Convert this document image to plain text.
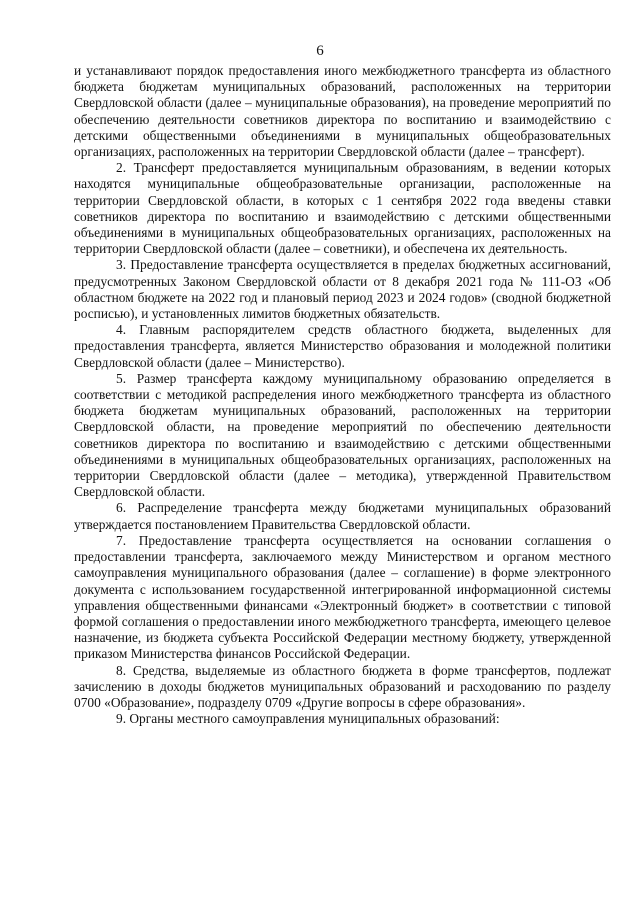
6

и устанавливают порядок предоставления иного межбюджетного трансферта из областного бюджета бюджетам муниципальных образований, расположенных на территории Свердловской области (далее – муниципальные образования), на проведение мероприятий по обеспечению деятельности советников директора по воспитанию и взаимодействию с детскими общественными объединениями в муниципальных общеобразовательных организациях, расположенных на территории Свердловской области (далее – трансферт).

2. Трансферт предоставляется муниципальным образованиям, в ведении которых находятся муниципальные общеобразовательные организации, расположенные на территории Свердловской области, в которых с 1 сентября 2022 года введены ставки советников директора по воспитанию и взаимодействию с детскими общественными объединениями в муниципальных общеобразовательных организациях, расположенных на территории Свердловской области (далее – советники), и обеспечена их деятельность.

3. Предоставление трансферта осуществляется в пределах бюджетных ассигнований, предусмотренных Законом Свердловской области от 8 декабря 2021 года № 111-ОЗ «Об областном бюджете на 2022 год и плановый период 2023 и 2024 годов» (сводной бюджетной росписью), и установленных лимитов бюджетных обязательств.

4. Главным распорядителем средств областного бюджета, выделенных для предоставления трансферта, является Министерство образования и молодежной политики Свердловской области (далее – Министерство).

5. Размер трансферта каждому муниципальному образованию определяется в соответствии с методикой распределения иного межбюджетного трансферта из областного бюджета бюджетам муниципальных образований, расположенных на территории Свердловской области, на проведение мероприятий по обеспечению деятельности советников директора по воспитанию и взаимодействию с детскими общественными объединениями в муниципальных общеобразовательных организациях, расположенных на территории Свердловской области (далее – методика), утвержденной Правительством Свердловской области.

6. Распределение трансферта между бюджетами муниципальных образований утверждается постановлением Правительства Свердловской области.

7. Предоставление трансферта осуществляется на основании соглашения о предоставлении трансферта, заключаемого между Министерством и органом местного самоуправления муниципального образования (далее – соглашение) в форме электронного документа с использованием государственной интегрированной информационной системы управления общественными финансами «Электронный бюджет» в соответствии с типовой формой соглашения о предоставлении иного межбюджетного трансферта, имеющего целевое назначение, из бюджета субъекта Российской Федерации местному бюджету, утвержденной приказом Министерства финансов Российской Федерации.

8. Средства, выделяемые из областного бюджета в форме трансфертов, подлежат зачислению в доходы бюджетов муниципальных образований и расходованию по разделу 0700 «Образование», подразделу 0709 «Другие вопросы в сфере образования».

9. Органы местного самоуправления муниципальных образований:
